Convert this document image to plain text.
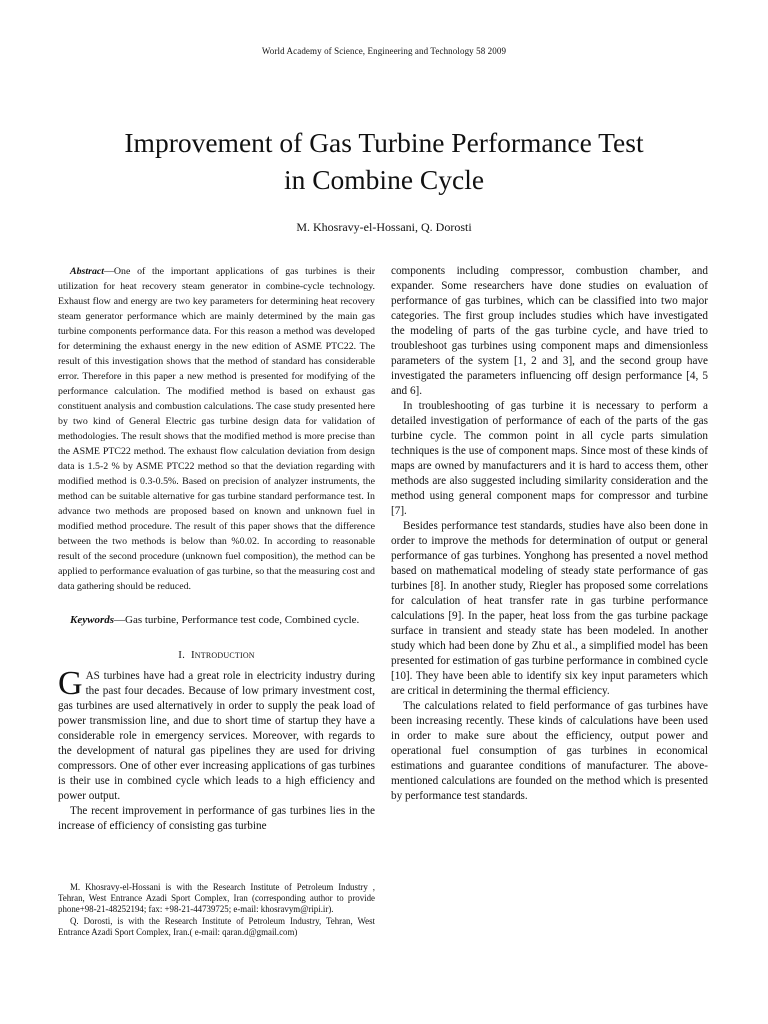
World Academy of Science, Engineering and Technology 58 2009
Improvement of Gas Turbine Performance Test
in Combine Cycle
M. Khosravy-el-Hossani, Q. Dorosti

Abstract—One of the important applications of gas turbines is their utilization for heat recovery steam generator in combine-cycle technology. Exhaust flow and energy are two key parameters for determining heat recovery steam generator performance which are mainly determined by the main gas turbine components performance data. For this reason a method was developed for determining the exhaust energy in the new edition of ASME PTC22. The result of this investigation shows that the method of standard has considerable error. Therefore in this paper a new method is presented for modifying of the performance calculation. The modified method is based on exhaust gas constituent analysis and combustion calculations. The case study presented here by two kind of General Electric gas turbine design data for validation of methodologies. The result shows that the modified method is more precise than the ASME PTC22 method. The exhaust flow calculation deviation from design data is 1.5-2 % by ASME PTC22 method so that the deviation regarding with modified method is 0.3-0.5%. Based on precision of analyzer instruments, the method can be suitable alternative for gas turbine standard performance test. In advance two methods are proposed based on known and unknown fuel in modified method procedure. The result of this paper shows that the difference between the two methods is below than %0.02. In according to reasonable result of the second procedure (unknown fuel composition), the method can be applied to performance evaluation of gas turbine, so that the measuring cost and data gathering should be reduced.

Keywords—Gas turbine, Performance test code, Combined cycle.

I. Introduction

GAS turbines have had a great role in electricity industry during the past four decades. Because of low primary investment cost, gas turbines are used alternatively in order to supply the peak load of power transmission line, and due to short time of startup they have a considerable role in emergency services. Moreover, with regards to the development of natural gas pipelines they are used for driving compressors. One of other ever increasing applications of gas turbines is their use in combined cycle which leads to a high efficiency and power output.

The recent improvement in performance of gas turbines lies in the increase of efficiency of consisting gas turbine

M. Khosravy-el-Hossani is with the Research Institute of Petroleum Industry , Tehran, West Entrance Azadi Sport Complex, Iran (corresponding author to provide phone+98-21-48252194; fax: +98-21-44739725; e-mail: khosravym@ripi.ir).

Q. Dorosti, is with the Research Institute of Petroleum Industry, Tehran, West Entrance Azadi Sport Complex, Iran.( e-mail: qaran.d@gmail.com)

components including compressor, combustion chamber, and expander. Some researchers have done studies on evaluation of performance of gas turbines, which can be classified into two major categories. The first group includes studies which have investigated the modeling of parts of the gas turbine cycle, and have tried to troubleshoot gas turbines using component maps and dimensionless parameters of the system [1, 2 and 3], and the second group have investigated the parameters influencing off design performance [4, 5 and 6].

In troubleshooting of gas turbine it is necessary to perform a detailed investigation of performance of each of the parts of the gas turbine cycle. The common point in all cycle parts simulation techniques is the use of component maps. Since most of these kinds of maps are owned by manufacturers and it is hard to access them, other methods are also suggested including similarity consideration and the method using general component maps for compressor and turbine [7].

Besides performance test standards, studies have also been done in order to improve the methods for determination of output or general performance of gas turbines. Yonghong has presented a novel method based on mathematical modeling of steady state performance of gas turbines [8]. In another study, Riegler has proposed some correlations for calculation of heat transfer rate in gas turbine performance calculations [9]. In the paper, heat loss from the gas turbine package surface in transient and steady state has been modeled. In another study which had been done by Zhu et al., a simplified model has been presented for estimation of gas turbine performance in combined cycle [10]. They have been able to identify six key input parameters which are critical in determining the thermal efficiency.

The calculations related to field performance of gas turbines have been increasing recently. These kinds of calculations have been used in order to make sure about the efficiency, output power and operational fuel consumption of gas turbines in economical estimations and guarantee conditions of manufacturer. The above-mentioned calculations are founded on the method which is presented by performance test standards.
